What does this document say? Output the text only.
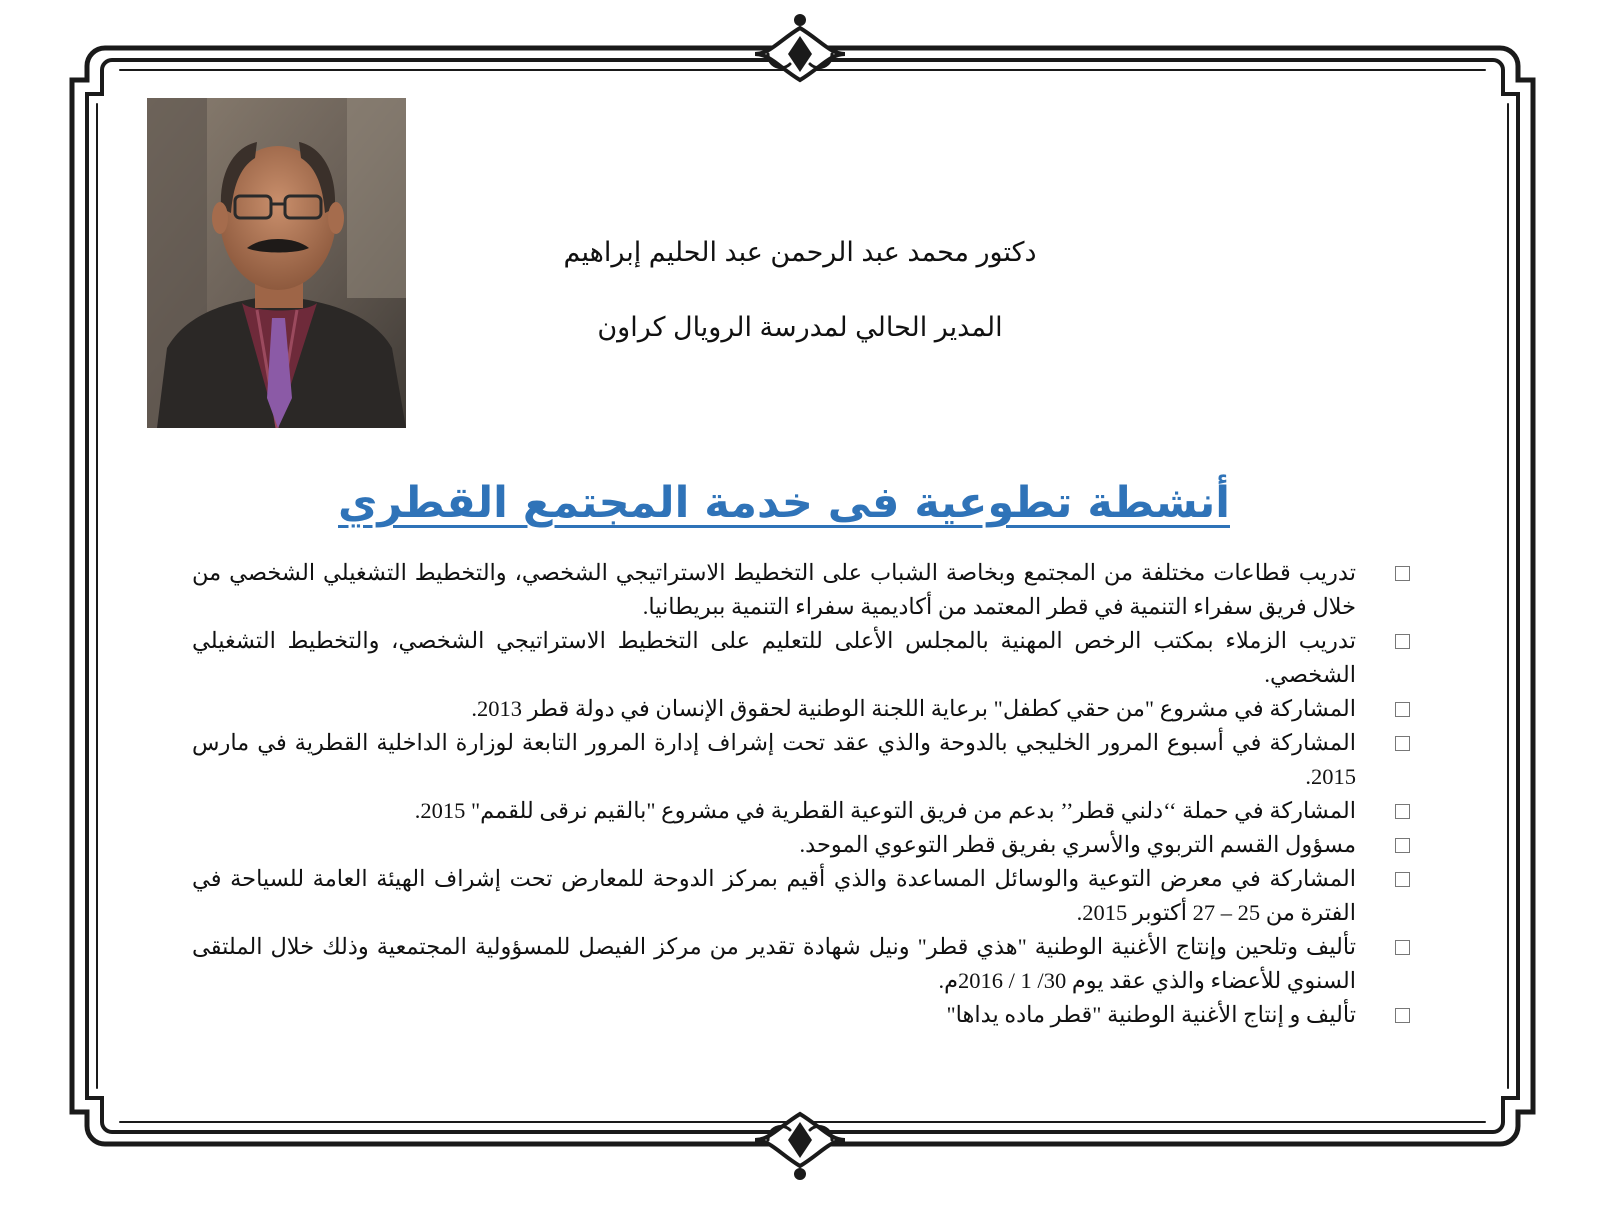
دكتور محمد عبد الرحمن عبد الحليم إبراهيم
المدير الحالي لمدرسة الرويال كراون
أنشطة تطوعية فى خدمة المجتمع القطري
تدريب قطاعات مختلفة من المجتمع وبخاصة الشباب على التخطيط الاستراتيجي الشخصي، والتخطيط التشغيلي الشخصي من خلال فريق سفراء التنمية في قطر المعتمد من أكاديمية سفراء التنمية ببريطانيا.
تدريب الزملاء بمكتب الرخص المهنية بالمجلس الأعلى للتعليم على التخطيط الاستراتيجي الشخصي، والتخطيط التشغيلي الشخصي.
المشاركة في مشروع "من حقي كطفل" برعاية اللجنة الوطنية لحقوق الإنسان في دولة قطر 2013.
المشاركة في أسبوع المرور الخليجي بالدوحة والذي عقد تحت إشراف إدارة المرور التابعة لوزارة الداخلية القطرية في مارس 2015.
المشاركة في حملة ‘‘دلني قطر’’ بدعم من فريق التوعية القطرية في مشروع "بالقيم نرقى للقمم" 2015.
مسؤول القسم التربوي والأسري بفريق قطر التوعوي الموحد.
المشاركة في معرض التوعية والوسائل المساعدة والذي أقيم بمركز الدوحة للمعارض تحت إشراف الهيئة العامة للسياحة في الفترة من 25 – 27 أكتوبر 2015.
تأليف وتلحين وإنتاج الأغنية الوطنية "هذي قطر" ونيل شهادة تقدير من مركز الفيصل للمسؤولية المجتمعية وذلك خلال الملتقى السنوي للأعضاء والذي عقد يوم 30/ 1 / 2016م.
تأليف و إنتاج الأغنية الوطنية "قطر ماده يداها"
